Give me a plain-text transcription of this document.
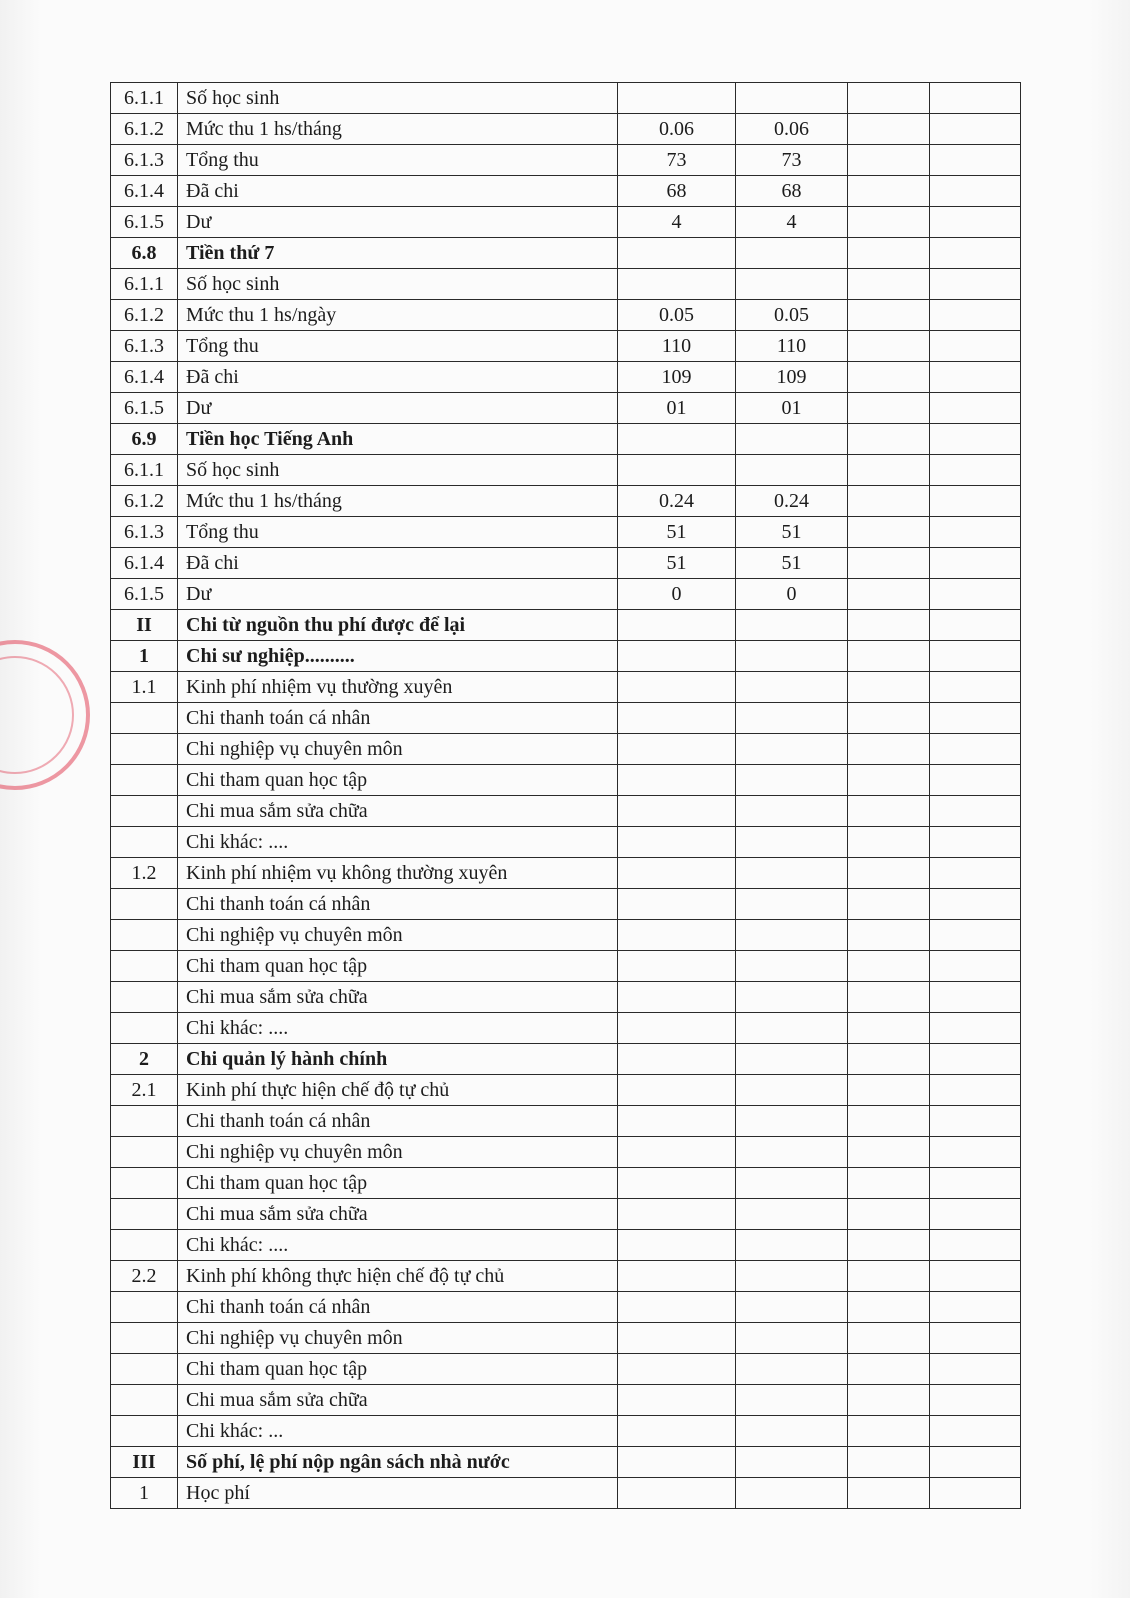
6.1.1	Số học sinh				
6.1.2	Mức thu 1 hs/tháng	0.06	0.06		
6.1.3	Tổng thu	73	73		
6.1.4	Đã chi	68	68		
6.1.5	Dư	4	4		
6.8	Tiền thứ 7				
6.1.1	Số học sinh				
6.1.2	Mức thu 1 hs/ngày	0.05	0.05		
6.1.3	Tổng thu	110	110		
6.1.4	Đã chi	109	109		
6.1.5	Dư	01	01		
6.9	Tiền học Tiếng Anh				
6.1.1	Số học sinh				
6.1.2	Mức thu 1 hs/tháng	0.24	0.24		
6.1.3	Tổng thu	51	51		
6.1.4	Đã chi	51	51		
6.1.5	Dư	0	0		
II	Chi từ nguồn thu phí được để lại				
1	Chi sư nghiệp..........				
1.1	Kinh phí nhiệm vụ thường xuyên				
	Chi thanh toán cá nhân				
	Chi nghiệp vụ chuyên môn				
	Chi tham quan học tập				
	Chi mua sắm sửa chữa				
	Chi khác: ....				
1.2	Kinh phí nhiệm vụ không thường xuyên				
	Chi thanh toán cá nhân				
	Chi nghiệp vụ chuyên môn				
	Chi tham quan học tập				
	Chi mua sắm sửa chữa				
	Chi khác: ....				
2	Chi quản lý hành chính				
2.1	Kinh phí thực hiện chế độ tự chủ				
	Chi thanh toán cá nhân				
	Chi nghiệp vụ chuyên môn				
	Chi tham quan học tập				
	Chi mua sắm sửa chữa				
	Chi khác: ....				
2.2	Kinh phí không thực hiện chế độ tự chủ				
	Chi thanh toán cá nhân				
	Chi nghiệp vụ chuyên môn				
	Chi tham quan học tập				
	Chi mua sắm sửa chữa				
	Chi khác: ...				
III	Số phí, lệ phí nộp ngân sách nhà nước				
1	Học phí				
